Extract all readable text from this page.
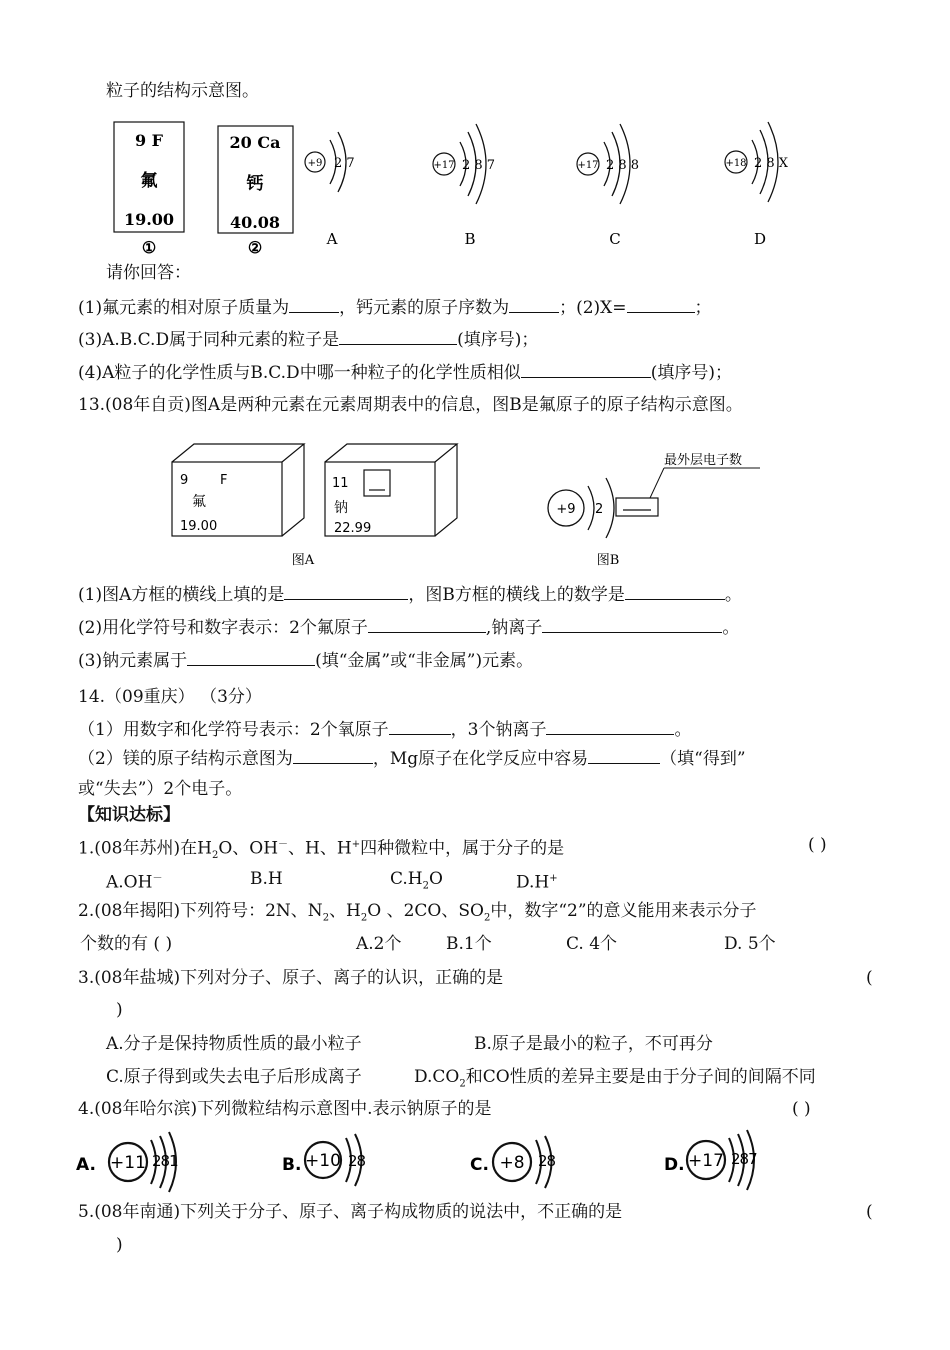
粒子的结构示意图。
9 F
氟
19.00
①
20 Ca
钙
40.08
②
+9 2 7
A
+17 2 8 7
B
+17 2 8 8
C
+18 2 8 X
D
请你回答：
(1)氟元素的相对原子质量为	，钙元素的原子序数为	；(2)X=	；
(3)A.B.C.D属于同种元素的粒子是	(填序号)；
(4)A粒子的化学性质与B.C.D中哪一种粒子的化学性质相似	(填序号)；
13.(08年自贡)图A是两种元素在元素周期表中的信息，图B是氟原子的原子结构示意图。
9 F
氟
19.00
11
钠
22.99
图A
+9 2
最外层电子数
图B
(1)图A方框的横线上填的是	，图B方框的横线上的数学是	。
(2)用化学符号和数字表示：2个氟原子	,钠离子	。
(3)钠元素属于	(填“金属”或“非金属”)元素。
14.（09重庆） （3分）
（1）用数字和化学符号表示：2个氧原子	，3个钠离子	。
（2）镁的原子结构示意图为	，Mg原子在化学反应中容易	（填“得到”
或“失去”）2个电子。
【知识达标】
1.(08年苏州)在$H_2O$、OH－、H、H+四种微粒中，属于分子的是	( )
A.OH－	B.H	$C.H_2O$	D.H+
2.(08年揭阳)下列符号：2N、$N_2$、$H_2O$ 、2CO、$SO_2$中，数字“2”的意义能用来表示分子
个数的有 ( )	A.2个	B.1个	C. 4个	D. 5个
3.(08年盐城)下列对分子、原子、离子的认识，正确的是	(
)
A.分子是保持物质性质的最小粒子	B.原子是最小的粒子，不可再分
C.原子得到或失去电子后形成离子	$D.CO_2$和CO性质的差异主要是由于分子间的间隔不同
4.(08年哈尔滨)下列微粒结构示意图中.表示钠原子的是	( )
A. +11 281	B. +10 28	C. +8 28	D. +17 287
5.(08年南通)下列关于分子、原子、离子构成物质的说法中，不正确的是	(
)
